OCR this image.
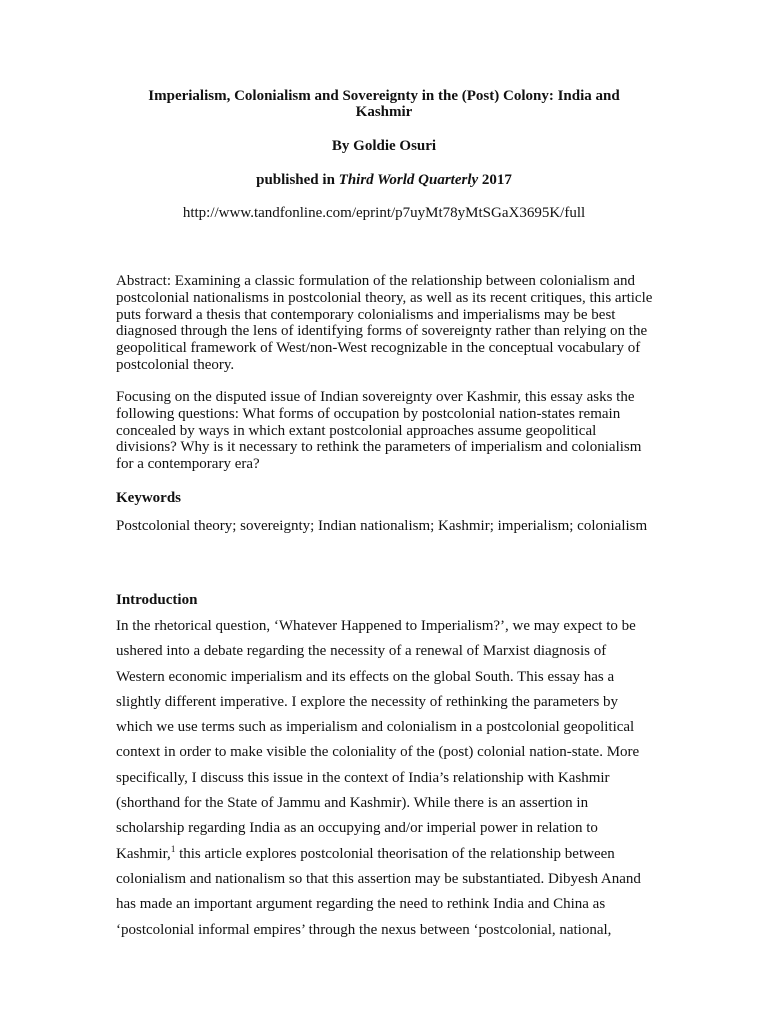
Imperialism, Colonialism and Sovereignty in the (Post) Colony: India and Kashmir
By Goldie Osuri
published in Third World Quarterly 2017
http://www.tandfonline.com/eprint/p7uyMt78yMtSGaX3695K/full
Abstract: Examining a classic formulation of the relationship between colonialism and postcolonial nationalisms in postcolonial theory, as well as its recent critiques, this article puts forward a thesis that contemporary colonialisms and imperialisms may be best diagnosed through the lens of identifying forms of sovereignty rather than relying on the geopolitical framework of West/non-West recognizable in the conceptual vocabulary of postcolonial theory.
Focusing on the disputed issue of Indian sovereignty over Kashmir, this essay asks the following questions: What forms of occupation by postcolonial nation-states remain concealed by ways in which extant postcolonial approaches assume geopolitical divisions? Why is it necessary to rethink the parameters of imperialism and colonialism for a contemporary era?
Keywords
Postcolonial theory; sovereignty; Indian nationalism; Kashmir; imperialism; colonialism
Introduction
In the rhetorical question, ‘Whatever Happened to Imperialism?’, we may expect to be ushered into a debate regarding the necessity of a renewal of Marxist diagnosis of Western economic imperialism and its effects on the global South. This essay has a slightly different imperative. I explore the necessity of rethinking the parameters by which we use terms such as imperialism and colonialism in a postcolonial geopolitical context in order to make visible the coloniality of the (post) colonial nation-state. More specifically, I discuss this issue in the context of India’s relationship with Kashmir (shorthand for the State of Jammu and Kashmir). While there is an assertion in scholarship regarding India as an occupying and/or imperial power in relation to Kashmir,$^1$ this article explores postcolonial theorisation of the relationship between colonialism and nationalism so that this assertion may be substantiated. Dibyesh Anand has made an important argument regarding the need to rethink India and China as ‘postcolonial informal empires’ through the nexus between ‘postcolonial, national,
